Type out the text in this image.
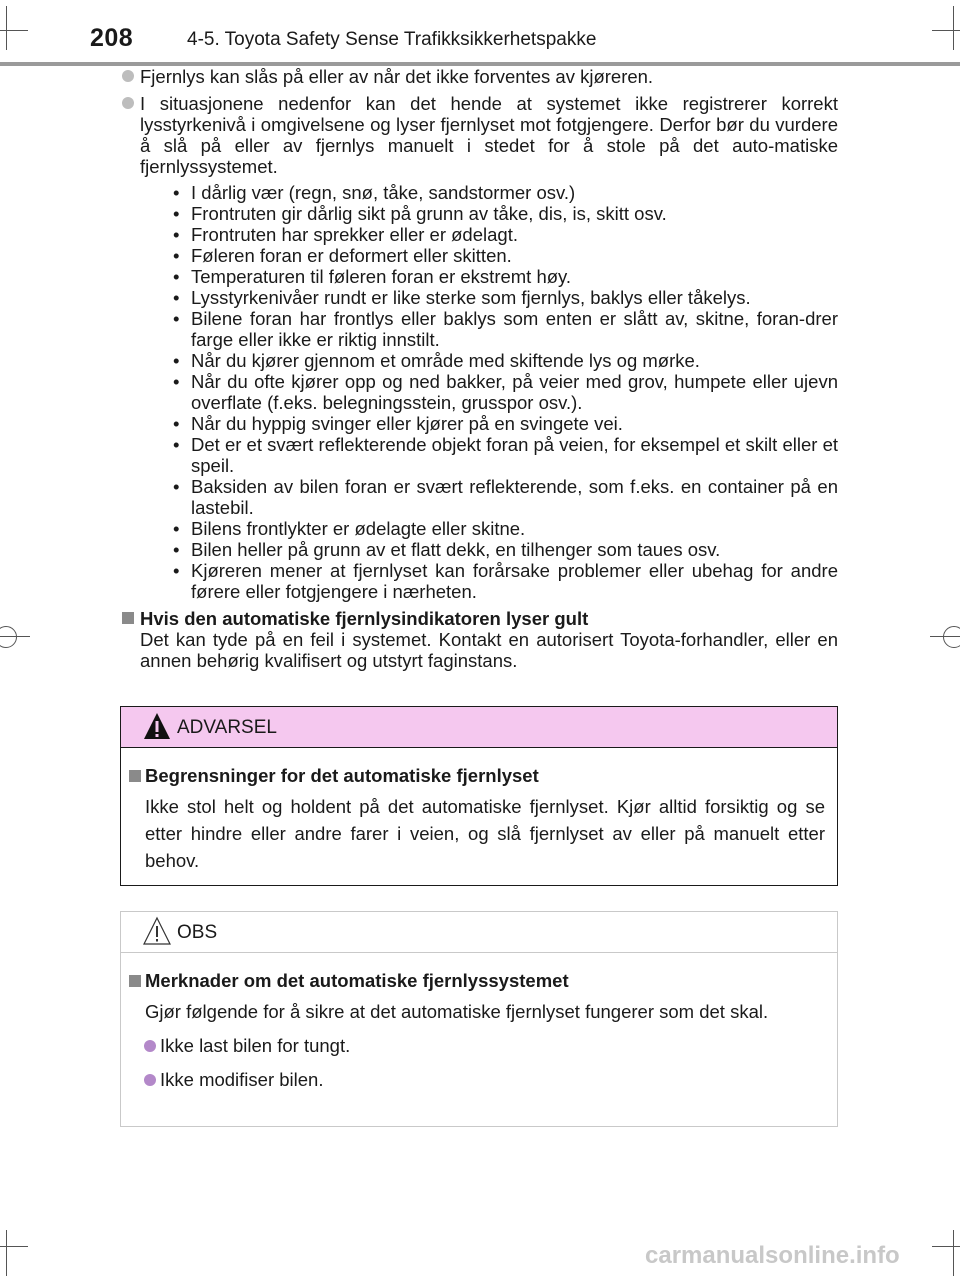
208	4-5. Toyota Safety Sense Trafikksikkerhetspakke
Fjernlys kan slås på eller av når det ikke forventes av kjøreren.
I situasjonene nedenfor kan det hende at systemet ikke registrerer korrekt lysstyrkenivå i omgivelsene og lyser fjernlyset mot fotgjengere. Derfor bør du vurdere å slå på eller av fjernlys manuelt i stedet for å stole på det auto-matiske fjernlyssystemet.
• I dårlig vær (regn, snø, tåke, sandstormer osv.)
• Frontruten gir dårlig sikt på grunn av tåke, dis, is, skitt osv.
• Frontruten har sprekker eller er ødelagt.
• Føleren foran er deformert eller skitten.
• Temperaturen til føleren foran er ekstremt høy.
• Lysstyrkenivåer rundt er like sterke som fjernlys, baklys eller tåkelys.
• Bilene foran har frontlys eller baklys som enten er slått av, skitne, foran-drer farge eller ikke er riktig innstilt.
• Når du kjører gjennom et område med skiftende lys og mørke.
• Når du ofte kjører opp og ned bakker, på veier med grov, humpete eller ujevn overflate (f.eks. belegningsstein, grusspor osv.).
• Når du hyppig svinger eller kjører på en svingete vei.
• Det er et svært reflekterende objekt foran på veien, for eksempel et skilt eller et speil.
• Baksiden av bilen foran er svært reflekterende, som f.eks. en container på en lastebil.
• Bilens frontlykter er ødelagte eller skitne.
• Bilen heller på grunn av et flatt dekk, en tilhenger som taues osv.
• Kjøreren mener at fjernlyset kan forårsake problemer eller ubehag for andre førere eller fotgjengere i nærheten.
Hvis den automatiske fjernlysindikatoren lyser gult
Det kan tyde på en feil i systemet. Kontakt en autorisert Toyota-forhandler, eller en annen behørig kvalifisert og utstyrt faginstans.
ADVARSEL
Begrensninger for det automatiske fjernlyset
Ikke stol helt og holdent på det automatiske fjernlyset. Kjør alltid forsiktig og se etter hindre eller andre farer i veien, og slå fjernlyset av eller på manuelt etter behov.
OBS
Merknader om det automatiske fjernlyssystemet
Gjør følgende for å sikre at det automatiske fjernlyset fungerer som det skal.
Ikke last bilen for tungt.
Ikke modifiser bilen.
carmanualsonline.info
